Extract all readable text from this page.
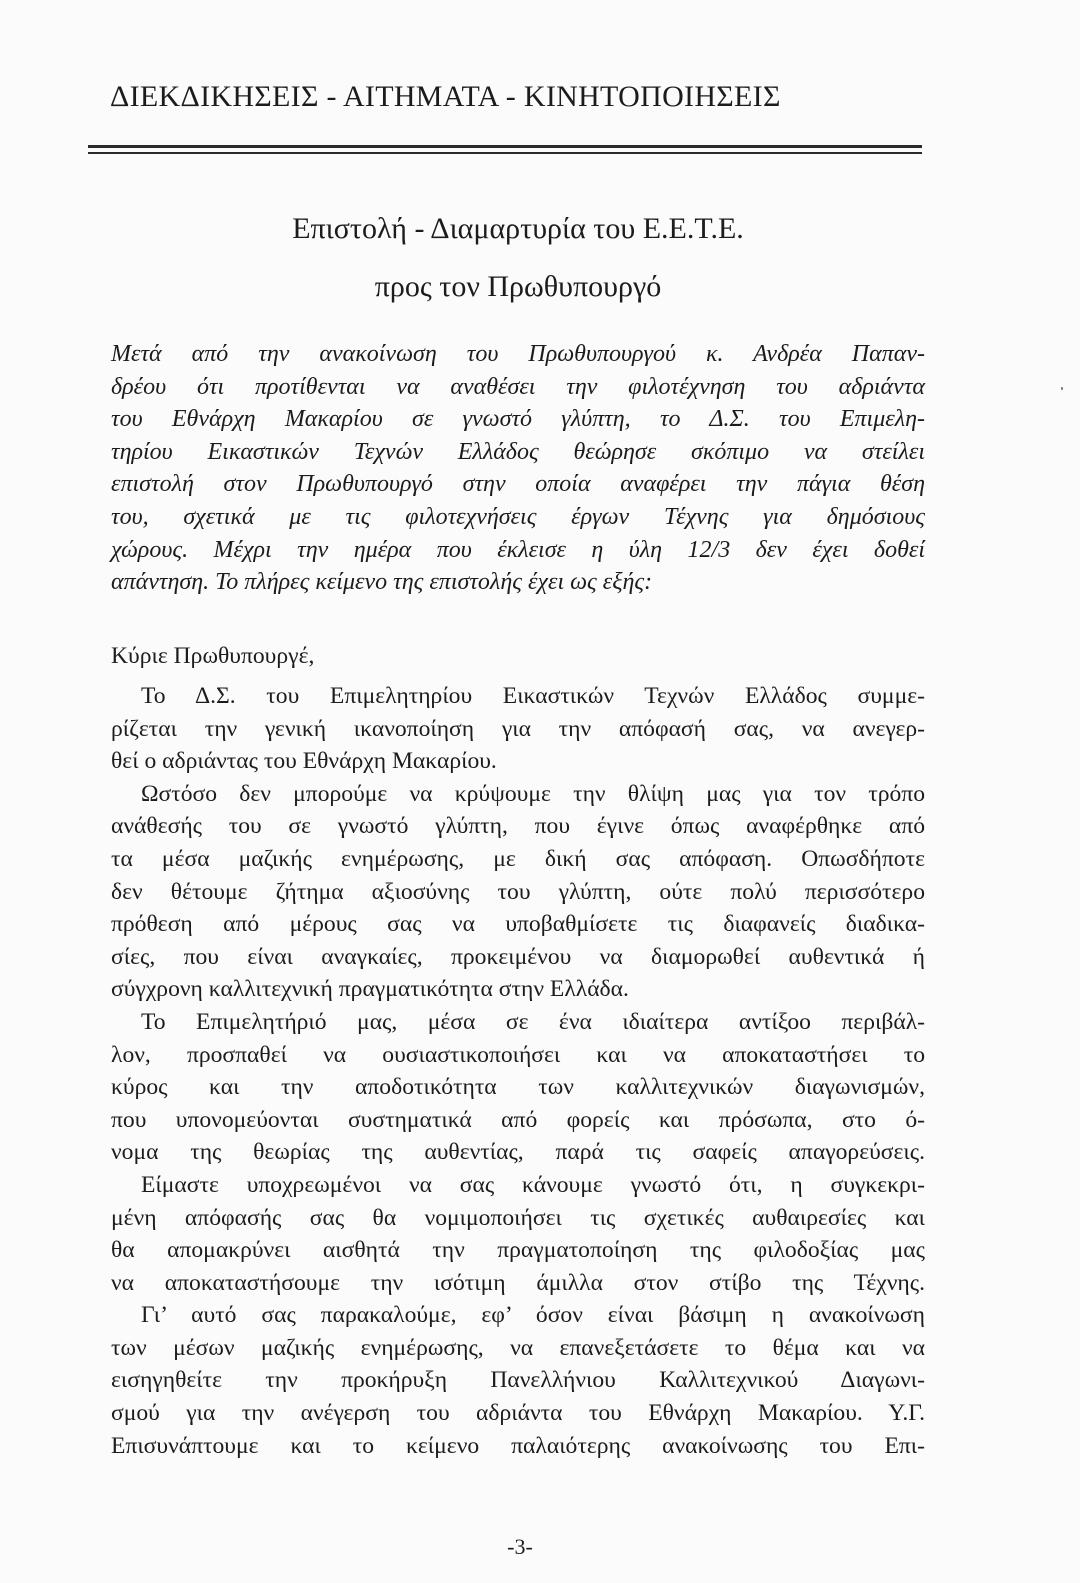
ΔΙΕΚΔΙΚΗΣΕΙΣ - ΑΙΤΗΜΑΤΑ - ΚΙΝΗΤΟΠΟΙΗΣΕΙΣ
Επιστολή - Διαμαρτυρία του Ε.Ε.Τ.Ε.
προς τον Πρωθυπουργό
Μετά από την ανακοίνωση του Πρωθυπουργού κ. Ανδρέα Παπαν-
δρέου ότι προτίθενται να αναθέσει την φιλοτέχνηση του αδριάντα
του Εθνάρχη Μακαρίου σε γνωστό γλύπτη, το Δ.Σ. του Επιμελη-
τηρίου Εικαστικών Τεχνών Ελλάδος θεώρησε σκόπιμο να στείλει
επιστολή στον Πρωθυπουργό στην οποία αναφέρει την πάγια θέση
του, σχετικά με τις φιλοτεχνήσεις έργων Τέχνης για δημόσιους
χώρους. Μέχρι την ημέρα που έκλεισε η ύλη 12/3 δεν έχει δοθεί
απάντηση. Το πλήρες κείμενο της επιστολής έχει ως εξής:
Κύριε Πρωθυπουργέ,
Το Δ.Σ. του Επιμελητηρίου Εικαστικών Τεχνών Ελλάδος συμμε-
ρίζεται την γενική ικανοποίηση για την απόφασή σας, να ανεγερ-
θεί ο αδριάντας του Εθνάρχη Μακαρίου.
Ωστόσο δεν μπορούμε να κρύψουμε την θλίψη μας για τον τρόπο
ανάθεσής του σε γνωστό γλύπτη, που έγινε όπως αναφέρθηκε από
τα μέσα μαζικής ενημέρωσης, με δική σας απόφαση. Οπωσδήποτε
δεν θέτουμε ζήτημα αξιοσύνης του γλύπτη, ούτε πολύ περισσότερο
πρόθεση από μέρους σας να υποβαθμίσετε τις διαφανείς διαδικα-
σίες, που είναι αναγκαίες, προκειμένου να διαμορωθεί αυθεντικά ή
σύγχρονη καλλιτεχνική πραγματικότητα στην Ελλάδα.
Το Επιμελητήριό μας, μέσα σε ένα ιδιαίτερα αντίξοο περιβάλ-
λον, προσπαθεί να ουσιαστικοποιήσει και να αποκαταστήσει το
κύρος και την αποδοτικότητα των καλλιτεχνικών διαγωνισμών,
που υπονομεύονται συστηματικά από φορείς και πρόσωπα, στο ό-
νομα της θεωρίας της αυθεντίας, παρά τις σαφείς απαγορεύσεις.
Είμαστε υποχρεωμένοι να σας κάνουμε γνωστό ότι, η συγκεκρι-
μένη απόφασής σας θα νομιμοποιήσει τις σχετικές αυθαιρεσίες και
θα απομακρύνει αισθητά την πραγματοποίηση της φιλοδοξίας μας
να αποκαταστήσουμε την ισότιμη άμιλλα στον στίβο της Τέχνης.
Γι’ αυτό σας παρακαλούμε, εφ’ όσον είναι βάσιμη η ανακοίνωση
των μέσων μαζικής ενημέρωσης, να επανεξετάσετε το θέμα και να
εισηγηθείτε την προκήρυξη Πανελλήνιου Καλλιτεχνικού Διαγωνι-
σμού για την ανέγερση του αδριάντα του Εθνάρχη Μακαρίου. Υ.Γ.
Επισυνάπτουμε και το κείμενο παλαιότερης ανακοίνωσης του Επι-
-3-
